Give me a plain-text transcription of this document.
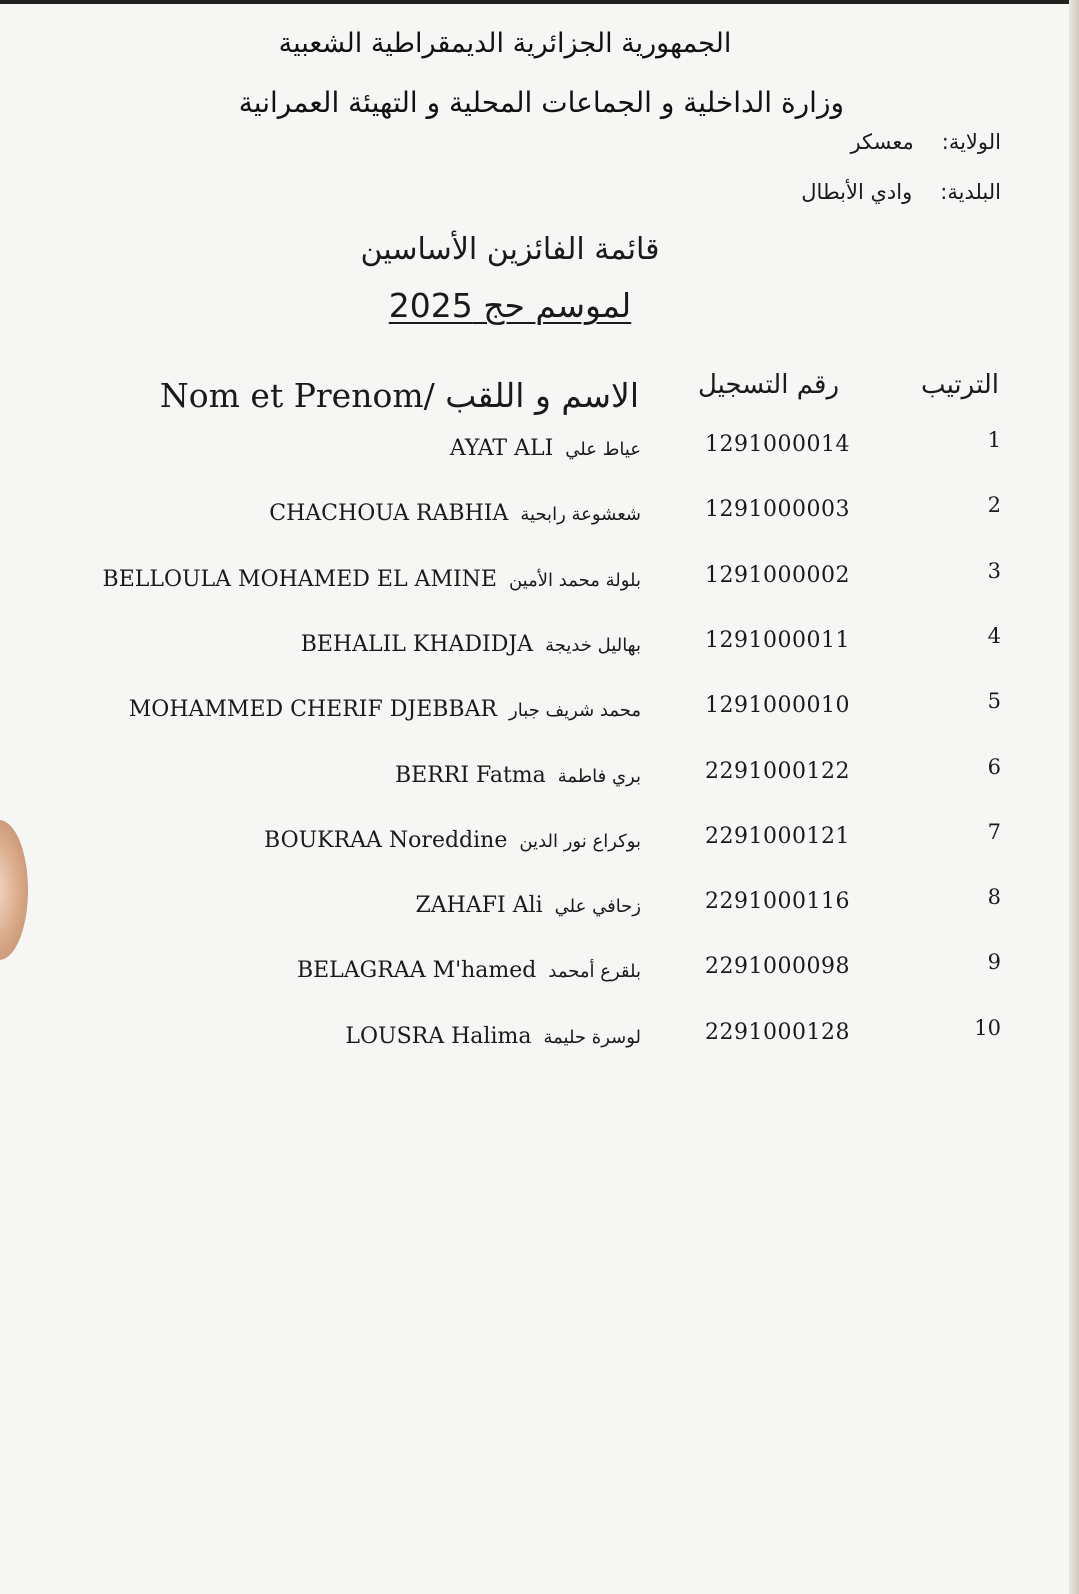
الجمهورية الجزائرية الديمقراطية الشعبية
وزارة الداخلية و الجماعات المحلية و التهيئة العمرانية
الولاية:معسكر
البلدية:وادي الأبطال
قائمة الفائزين الأساسين
لموسم حج 2025
الترتيب
رقم التسجيل
Nom et Prenom/ الاسم و اللقب
1
1291000014
AYAT ALI عياط علي
2
1291000003
CHACHOUA RABHIA شعشوعة رابحية
3
1291000002
BELLOULA MOHAMED EL AMINE بلولة محمد الأمين
4
1291000011
BEHALIL KHADIDJA بهاليل خديجة
5
1291000010
MOHAMMED CHERIF DJEBBAR محمد شريف جبار
6
2291000122
BERRI Fatma بري فاطمة
7
2291000121
BOUKRAA Noreddine بوكراع نور الدين
8
2291000116
ZAHAFI Ali زحافي علي
9
2291000098
BELAGRAA M'hamed بلقرع أمحمد
10
2291000128
LOUSRA Halima لوسرة حليمة
